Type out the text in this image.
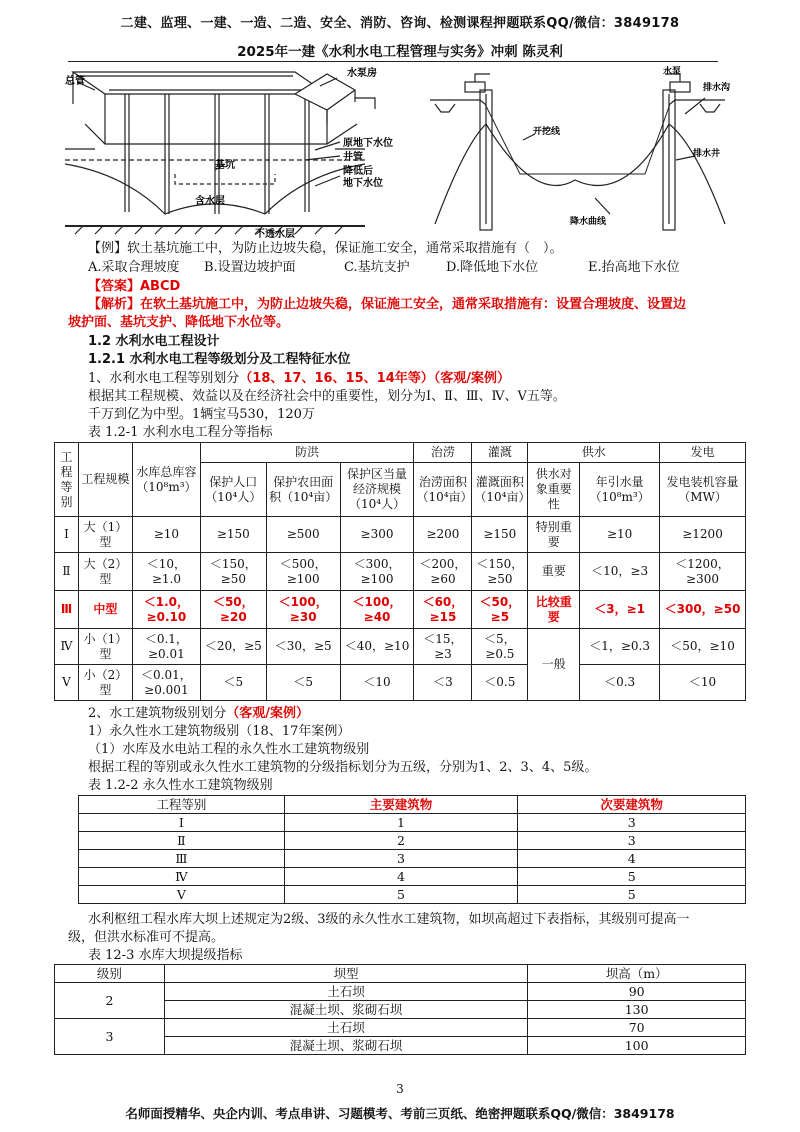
二建、监理、一建、一造、二造、安全、消防、咨询、检测课程押题联系QQ/微信：3849178
2025年一建《水利水电工程管理与实务》冲刺 陈灵利
水泵房
总管
原地下水位
井管
基坑
降低后
地下水位
含水层
不透水层
水泵
排水沟
开挖线
排水井
降水曲线
【例】软土基坑施工中，为防止边坡失稳，保证施工安全，通常采取措施有（　）。
A.采取合理坡度 B.设置边坡护面	C.基坑支护	D.降低地下水位	E.抬高地下水位
【答案】ABCD
【解析】在软土基坑施工中，为防止边坡失稳，保证施工安全，通常采取措施有：设置合理坡度、设置边
坡护面、基坑支护、降低地下水位等。
1.2 水利水电工程设计
1.2.1 水利水电工程等级划分及工程特征水位
1、水利水电工程等别划分（18、17、16、15、14年等）（客观/案例）
根据其工程规模、效益以及在经济社会中的重要性，划分为Ⅰ、Ⅱ、Ⅲ、Ⅳ、Ⅴ五等。
千万到亿为中型。1辆宝马530，120万
表 1.2-1 水利水电工程分等指标
工程等别	工程规模	水库总库容（10⁸m³）	防洪			治涝	灌溉	供水		发电
			保护人口（10⁴人）	保护农田面积（10⁴亩）	保护区当量经济规模（10⁴人）	治涝面积（10⁴亩）	灌溉面积（10⁴亩）	供水对象重要性	年引水量（10⁸m³）	发电装机容量（MW）
Ⅰ	大（1）型	≥10	≥150	≥500	≥300	≥200	≥150	特别重要	≥10	≥1200
Ⅱ	大（2）型	＜10，≥1.0	＜150，≥50	＜500，≥100	＜300，≥100	＜200，≥60	＜150，≥50	重要	＜10，≥3	＜1200，≥300
Ⅲ	中型	＜1.0，≥0.10	＜50，≥20	＜100，≥30	＜100，≥40	＜60，≥15	＜50，≥5	比较重要	＜3，≥1	＜300，≥50
Ⅳ	小（1）型	＜0.1，≥0.01	＜20，≥5	＜30，≥5	＜40，≥10	＜15，≥3	＜5，≥0.5	一般	＜1，≥0.3	＜50，≥10
Ⅴ	小（2）型	＜0.01，≥0.001	＜5	＜5	＜10	＜3	＜0.5		＜0.3	＜10
2、水工建筑物级别划分（客观/案例）
1）永久性水工建筑物级别（18、17年案例）
（1）水库及水电站工程的永久性水工建筑物级别
根据工程的等别或永久性水工建筑物的分级指标划分为五级，分别为1、2、3、4、5级。
表 1.2-2 永久性水工建筑物级别
工程等别	主要建筑物	次要建筑物
Ⅰ	1	3
Ⅱ	2	3
Ⅲ	3	4
Ⅳ	4	5
Ⅴ	5	5
水利枢纽工程水库大坝上述规定为2级、3级的永久性水工建筑物，如坝高超过下表指标，其级别可提高一
级，但洪水标准可不提高。
表 12-3 水库大坝提级指标
级别	坝型	坝高（m）
2	土石坝	90
	混凝土坝、浆砌石坝	130
3	土石坝	70
	混凝土坝、浆砌石坝	100
3
名师面授精华、央企内训、考点串讲、习题模考、考前三页纸、绝密押题联系QQ/微信：3849178
